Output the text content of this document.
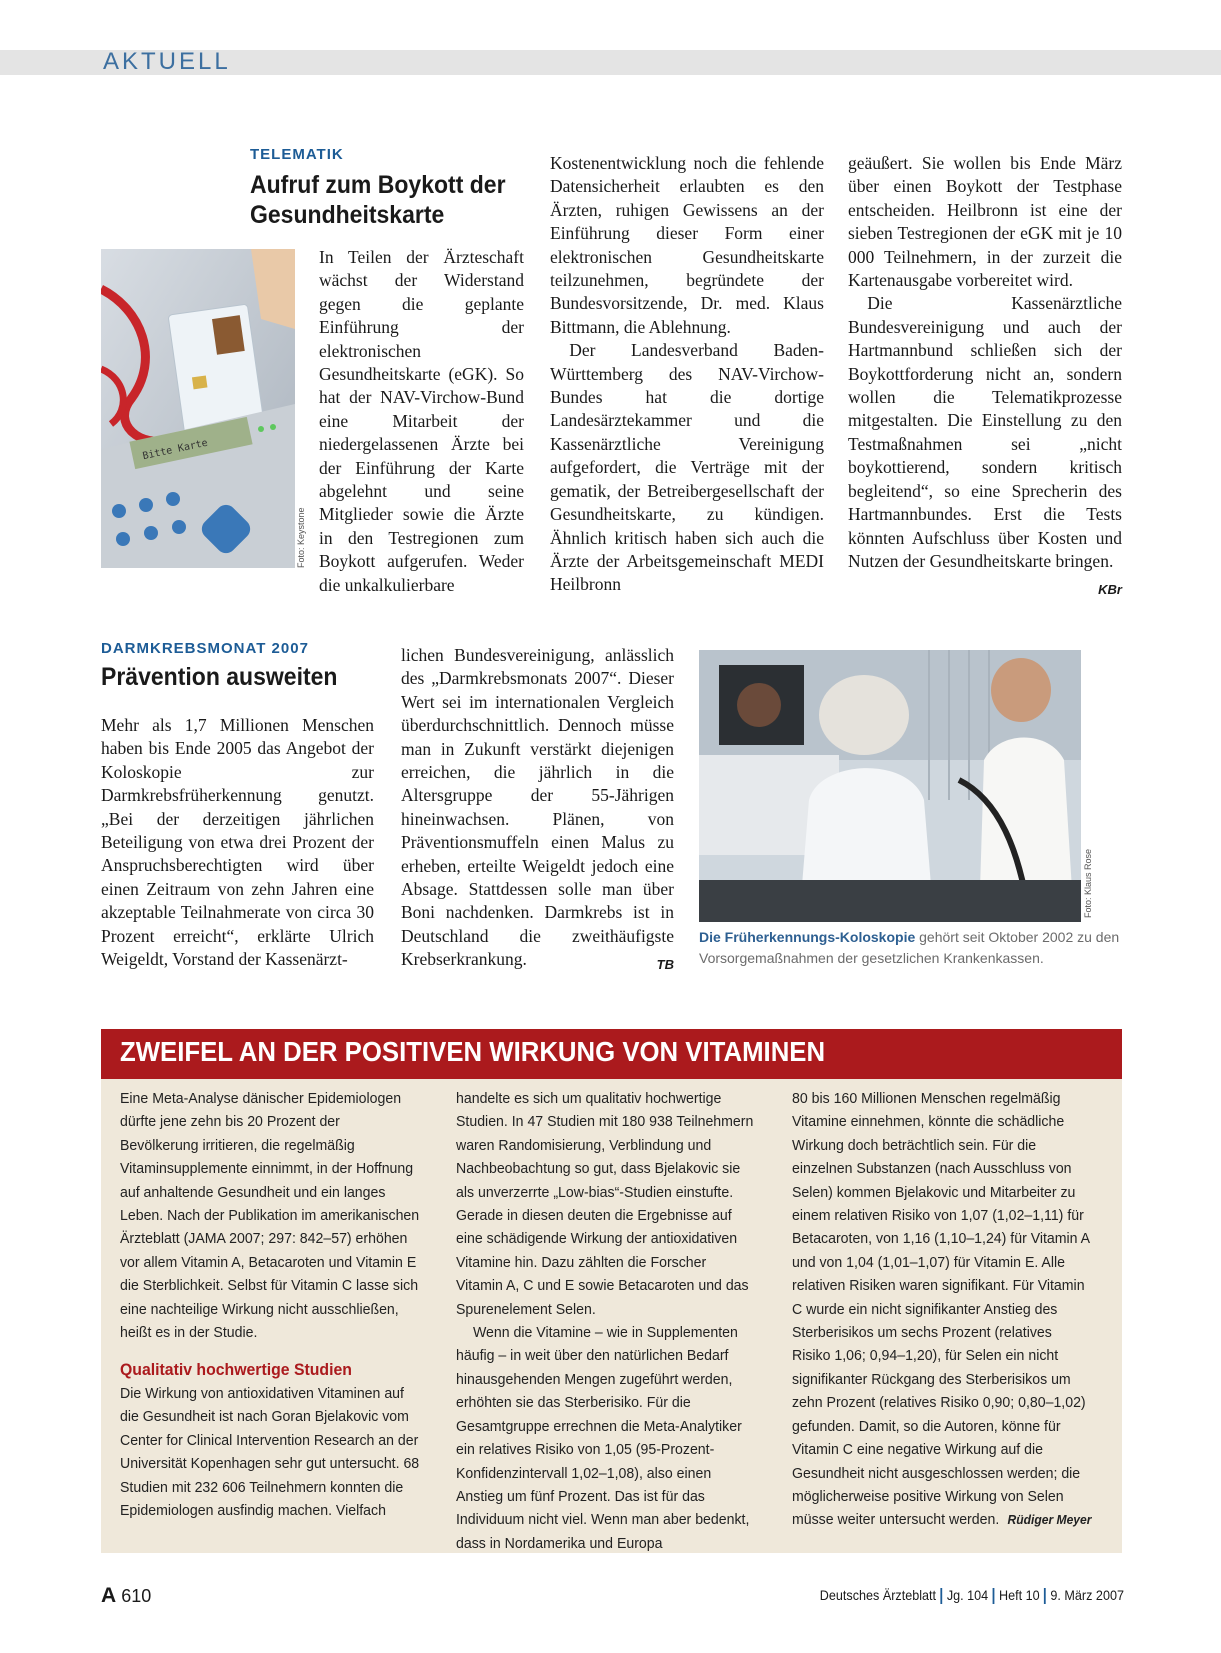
AKTUELL
TELEMATIK
Aufruf zum Boykott der
Gesundheitskarte
Bitte Karte
Foto: Keystone

In Teilen der Ärzteschaft wächst der Widerstand gegen die geplante Einführung der elektronischen Gesundheitskarte (eGK). So hat der NAV-Virchow-Bund eine Mitarbeit der niedergelassenen Ärzte bei der Einführung der Karte abgelehnt und seine Mitglieder sowie die Ärzte in den Testregionen zum Boykott aufgerufen. Weder die unkalkulierbare

Kostenentwicklung noch die fehlende Datensicherheit erlaubten es den Ärzten, ruhigen Gewissens an der Einführung dieser Form einer elektronischen Gesundheitskarte teilzunehmen, begründete der Bundesvorsitzende, Dr. med. Klaus Bittmann, die Ablehnung.

Der Landesverband Baden-Württemberg des NAV-Virchow-Bundes hat die dortige Landesärztekammer und die Kassenärztliche Vereinigung aufgefordert, die Verträge mit der gematik, der Betreibergesellschaft der Gesundheitskarte, zu kündigen. Ähnlich kritisch haben sich auch die Ärzte der Arbeitsgemeinschaft MEDI Heilbronn

geäußert. Sie wollen bis Ende März über einen Boykott der Testphase entscheiden. Heilbronn ist eine der sieben Testregionen der eGK mit je 10 000 Teilnehmern, in der zurzeit die Kartenausgabe vorbereitet wird.

Die Kassenärztliche Bundesvereinigung und auch der Hartmannbund schließen sich der Boykottforderung nicht an, sondern wollen die Telematikprozesse mitgestalten. Die Einstellung zu den Testmaßnahmen sei „nicht boykottierend, sondern kritisch begleitend“, so eine Sprecherin des Hartmannbundes. Erst die Tests könnten Aufschluss über Kosten und Nutzen der Gesundheitskarte bringen.
KBr

DARMKREBSMONAT 2007
Prävention ausweiten

Mehr als 1,7 Millionen Menschen haben bis Ende 2005 das Angebot der Koloskopie zur Darmkrebsfrüherkennung genutzt. „Bei der derzeitigen jährlichen Beteiligung von etwa drei Prozent der Anspruchsberechtigten wird über einen Zeitraum von zehn Jahren eine akzeptable Teilnahmerate von circa 30 Prozent erreicht“, erklärte Ulrich Weigeldt, Vorstand der Kassenärzt-

lichen Bundesvereinigung, anlässlich des „Darmkrebsmonats 2007“. Dieser Wert sei im internationalen Vergleich überdurchschnittlich. Dennoch müsse man in Zukunft verstärkt diejenigen erreichen, die jährlich in die Altersgruppe der 55-Jährigen hineinwachsen. Plänen, von Präventionsmuffeln einen Malus zu erheben, erteilte Weigeldt jedoch eine Absage. Stattdessen solle man über Boni nachdenken. Darmkrebs ist in Deutschland die zweithäufigste Krebserkrankung.	TB

Foto: Klaus Rose
Die Früherkennungs-Koloskopie gehört seit Oktober 2002 zu den Vorsorgemaßnahmen der gesetzlichen Krankenkassen.
ZWEIFEL AN DER POSITIVEN WIRKUNG VON VITAMINEN

Eine Meta-Analyse dänischer Epidemiologen dürfte jene zehn bis 20 Prozent der Bevölkerung irritieren, die regelmäßig Vitaminsupplemente einnimmt, in der Hoffnung auf anhaltende Gesundheit und ein langes Leben. Nach der Publikation im amerikanischen Ärzteblatt (JAMA 2007; 297: 842–57) erhöhen vor allem Vitamin A, Betacaroten und Vitamin E die Sterblichkeit. Selbst für Vitamin C lasse sich eine nachteilige Wirkung nicht ausschließen, heißt es in der Studie.

Qualitativ hochwertige Studien

Die Wirkung von antioxidativen Vitaminen auf die Gesundheit ist nach Goran Bjelakovic vom Center for Clinical Intervention Research an der Universität Kopenhagen sehr gut untersucht. 68 Studien mit 232 606 Teilnehmern konnten die Epidemiologen ausfindig machen. Vielfach

handelte es sich um qualitativ hochwertige Studien. In 47 Studien mit 180 938 Teilnehmern waren Randomisierung, Verblindung und Nachbeobachtung so gut, dass Bjelakovic sie als unverzerrte „Low-bias“-Studien einstufte. Gerade in diesen deuten die Ergebnisse auf eine schädigende Wirkung der antioxidativen Vitamine hin. Dazu zählten die Forscher Vitamin A, C und E sowie Betacaroten und das Spurenelement Selen.

Wenn die Vitamine – wie in Supplementen häufig – in weit über den natürlichen Bedarf hinausgehenden Mengen zugeführt werden, erhöhten sie das Sterberisiko. Für die Gesamtgruppe errechnen die Meta-Analytiker ein relatives Risiko von 1,05 (95-Prozent-Konfidenzintervall 1,02–1,08), also einen Anstieg um fünf Prozent. Das ist für das Individuum nicht viel. Wenn man aber bedenkt, dass in Nordamerika und Europa

80 bis 160 Millionen Menschen regelmäßig Vitamine einnehmen, könnte die schädliche Wirkung doch beträchtlich sein. Für die einzelnen Substanzen (nach Ausschluss von Selen) kommen Bjelakovic und Mitarbeiter zu einem relativen Risiko von 1,07 (1,02–1,11) für Betacaroten, von 1,16 (1,10–1,24) für Vitamin A und von 1,04 (1,01–1,07) für Vitamin E. Alle relativen Risiken waren signifikant. Für Vitamin C wurde ein nicht signifikanter Anstieg des Sterberisikos um sechs Prozent (relatives Risiko 1,06; 0,94–1,20), für Selen ein nicht signifikanter Rückgang des Sterberisikos um zehn Prozent (relatives Risiko 0,90; 0,80–1,02) gefunden. Damit, so die Autoren, könne für Vitamin C eine negative Wirkung auf die Gesundheit nicht ausgeschlossen werden; die möglicherweise positive Wirkung von Selen müsse weiter untersucht werden. Rüdiger Meyer

A 610	Deutsches Ärzteblatt Jg. 104 Heft 10 9. März 2007
